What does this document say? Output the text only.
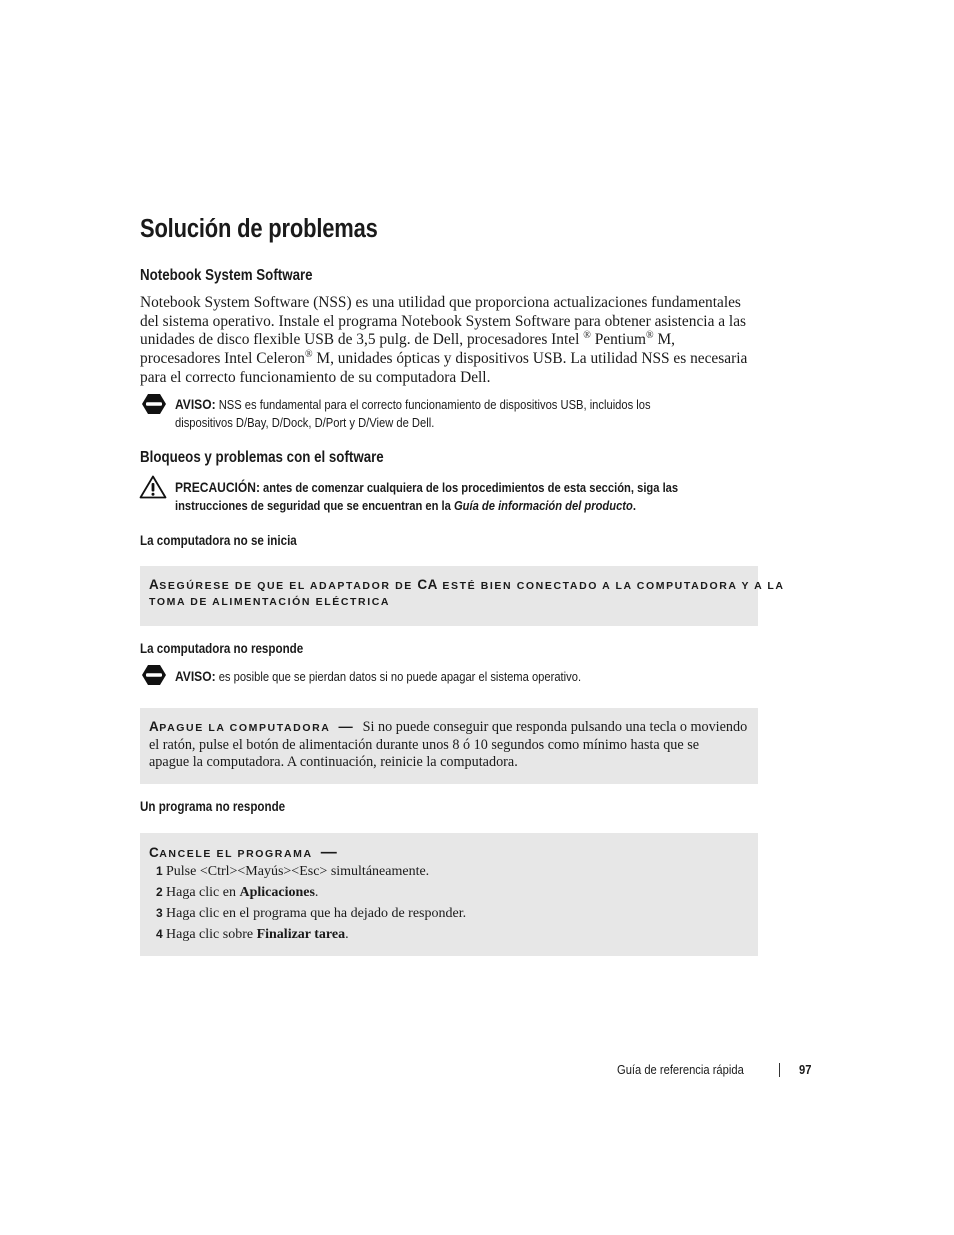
Solución de problemas
Notebook System Software
Notebook System Software (NSS) es una utilidad que proporciona actualizaciones fundamentales
del sistema operativo. Instale el programa Notebook System Software para obtener asistencia a las
unidades de disco flexible USB de 3,5 pulg. de Dell, procesadores Intel ® Pentium® M,
procesadores Intel Celeron® M, unidades ópticas y dispositivos USB. La utilidad NSS es necesaria
para el correcto funcionamiento de su computadora Dell.
AVISO: NSS es fundamental para el correcto funcionamiento de dispositivos USB, incluidos los
dispositivos D/Bay, D/Dock, D/Port y D/View de Dell.
Bloqueos y problemas con el software
PRECAUCIÓN: antes de comenzar cualquiera de los procedimientos de esta sección, siga las
instrucciones de seguridad que se encuentran en la Guía de información del producto.
La computadora no se inicia
ASEGÚRESE DE QUE EL ADAPTADOR DE CA ESTÉ BIEN CONECTADO A LA COMPUTADORA Y A LA
TOMA DE ALIMENTACIÓN ELÉCTRICA
La computadora no responde
AVISO: es posible que se pierdan datos si no puede apagar el sistema operativo.
APAGUE LA COMPUTADORA — Si no puede conseguir que responda pulsando una tecla o moviendo
el ratón, pulse el botón de alimentación durante unos 8 ó 10 segundos como mínimo hasta que se
apague la computadora. A continuación, reinicie la computadora.
Un programa no responde
CANCELE EL PROGRAMA —
1 Pulse <Ctrl><Mayús><Esc> simultáneamente.
2 Haga clic en Aplicaciones.
3 Haga clic en el programa que ha dejado de responder.
4 Haga clic sobre Finalizar tarea.
Guía de referencia rápida	97
